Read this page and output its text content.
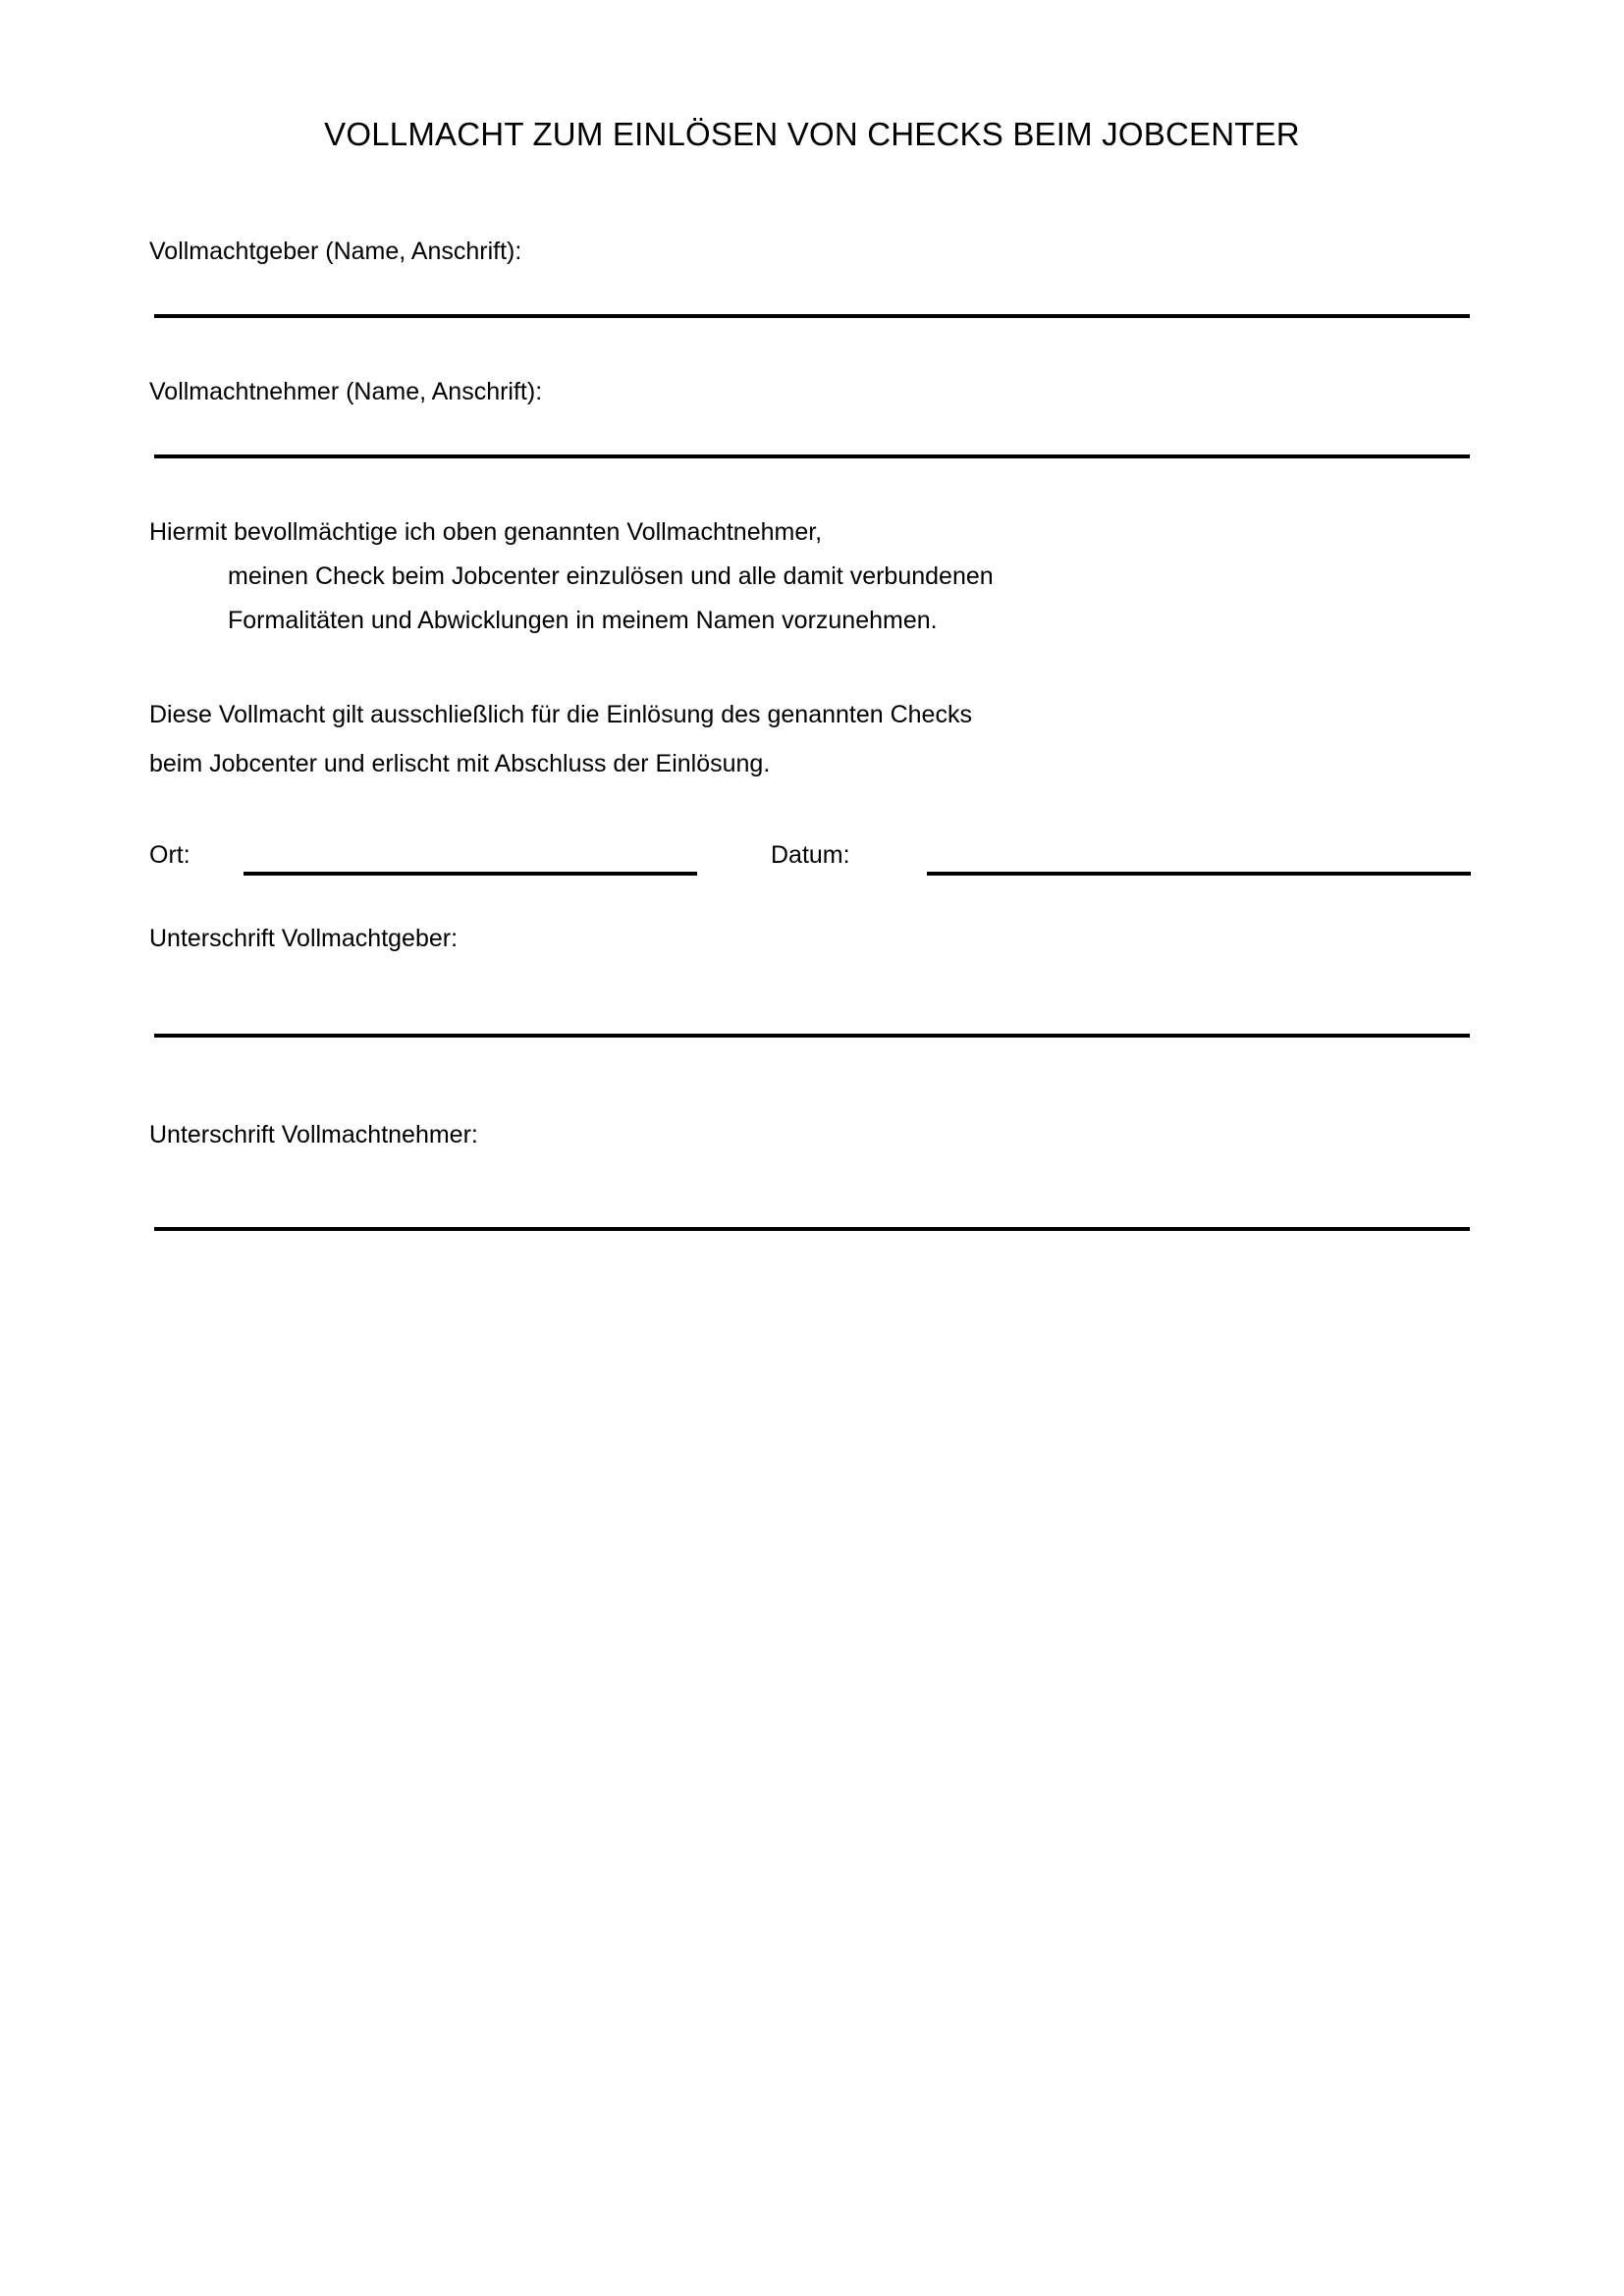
VOLLMACHT ZUM EINLÖSEN VON CHECKS BEIM JOBCENTER
Vollmachtgeber (Name, Anschrift):
Vollmachtnehmer (Name, Anschrift):
Hiermit bevollmächtige ich oben genannten Vollmachtnehmer,
meinen Check beim Jobcenter einzulösen und alle damit verbundenen
Formalitäten und Abwicklungen in meinem Namen vorzunehmen.
Diese Vollmacht gilt ausschließlich für die Einlösung des genannten Checks
beim Jobcenter und erlischt mit Abschluss der Einlösung.
Ort:	Datum:
Unterschrift Vollmachtgeber:
Unterschrift Vollmachtnehmer:
